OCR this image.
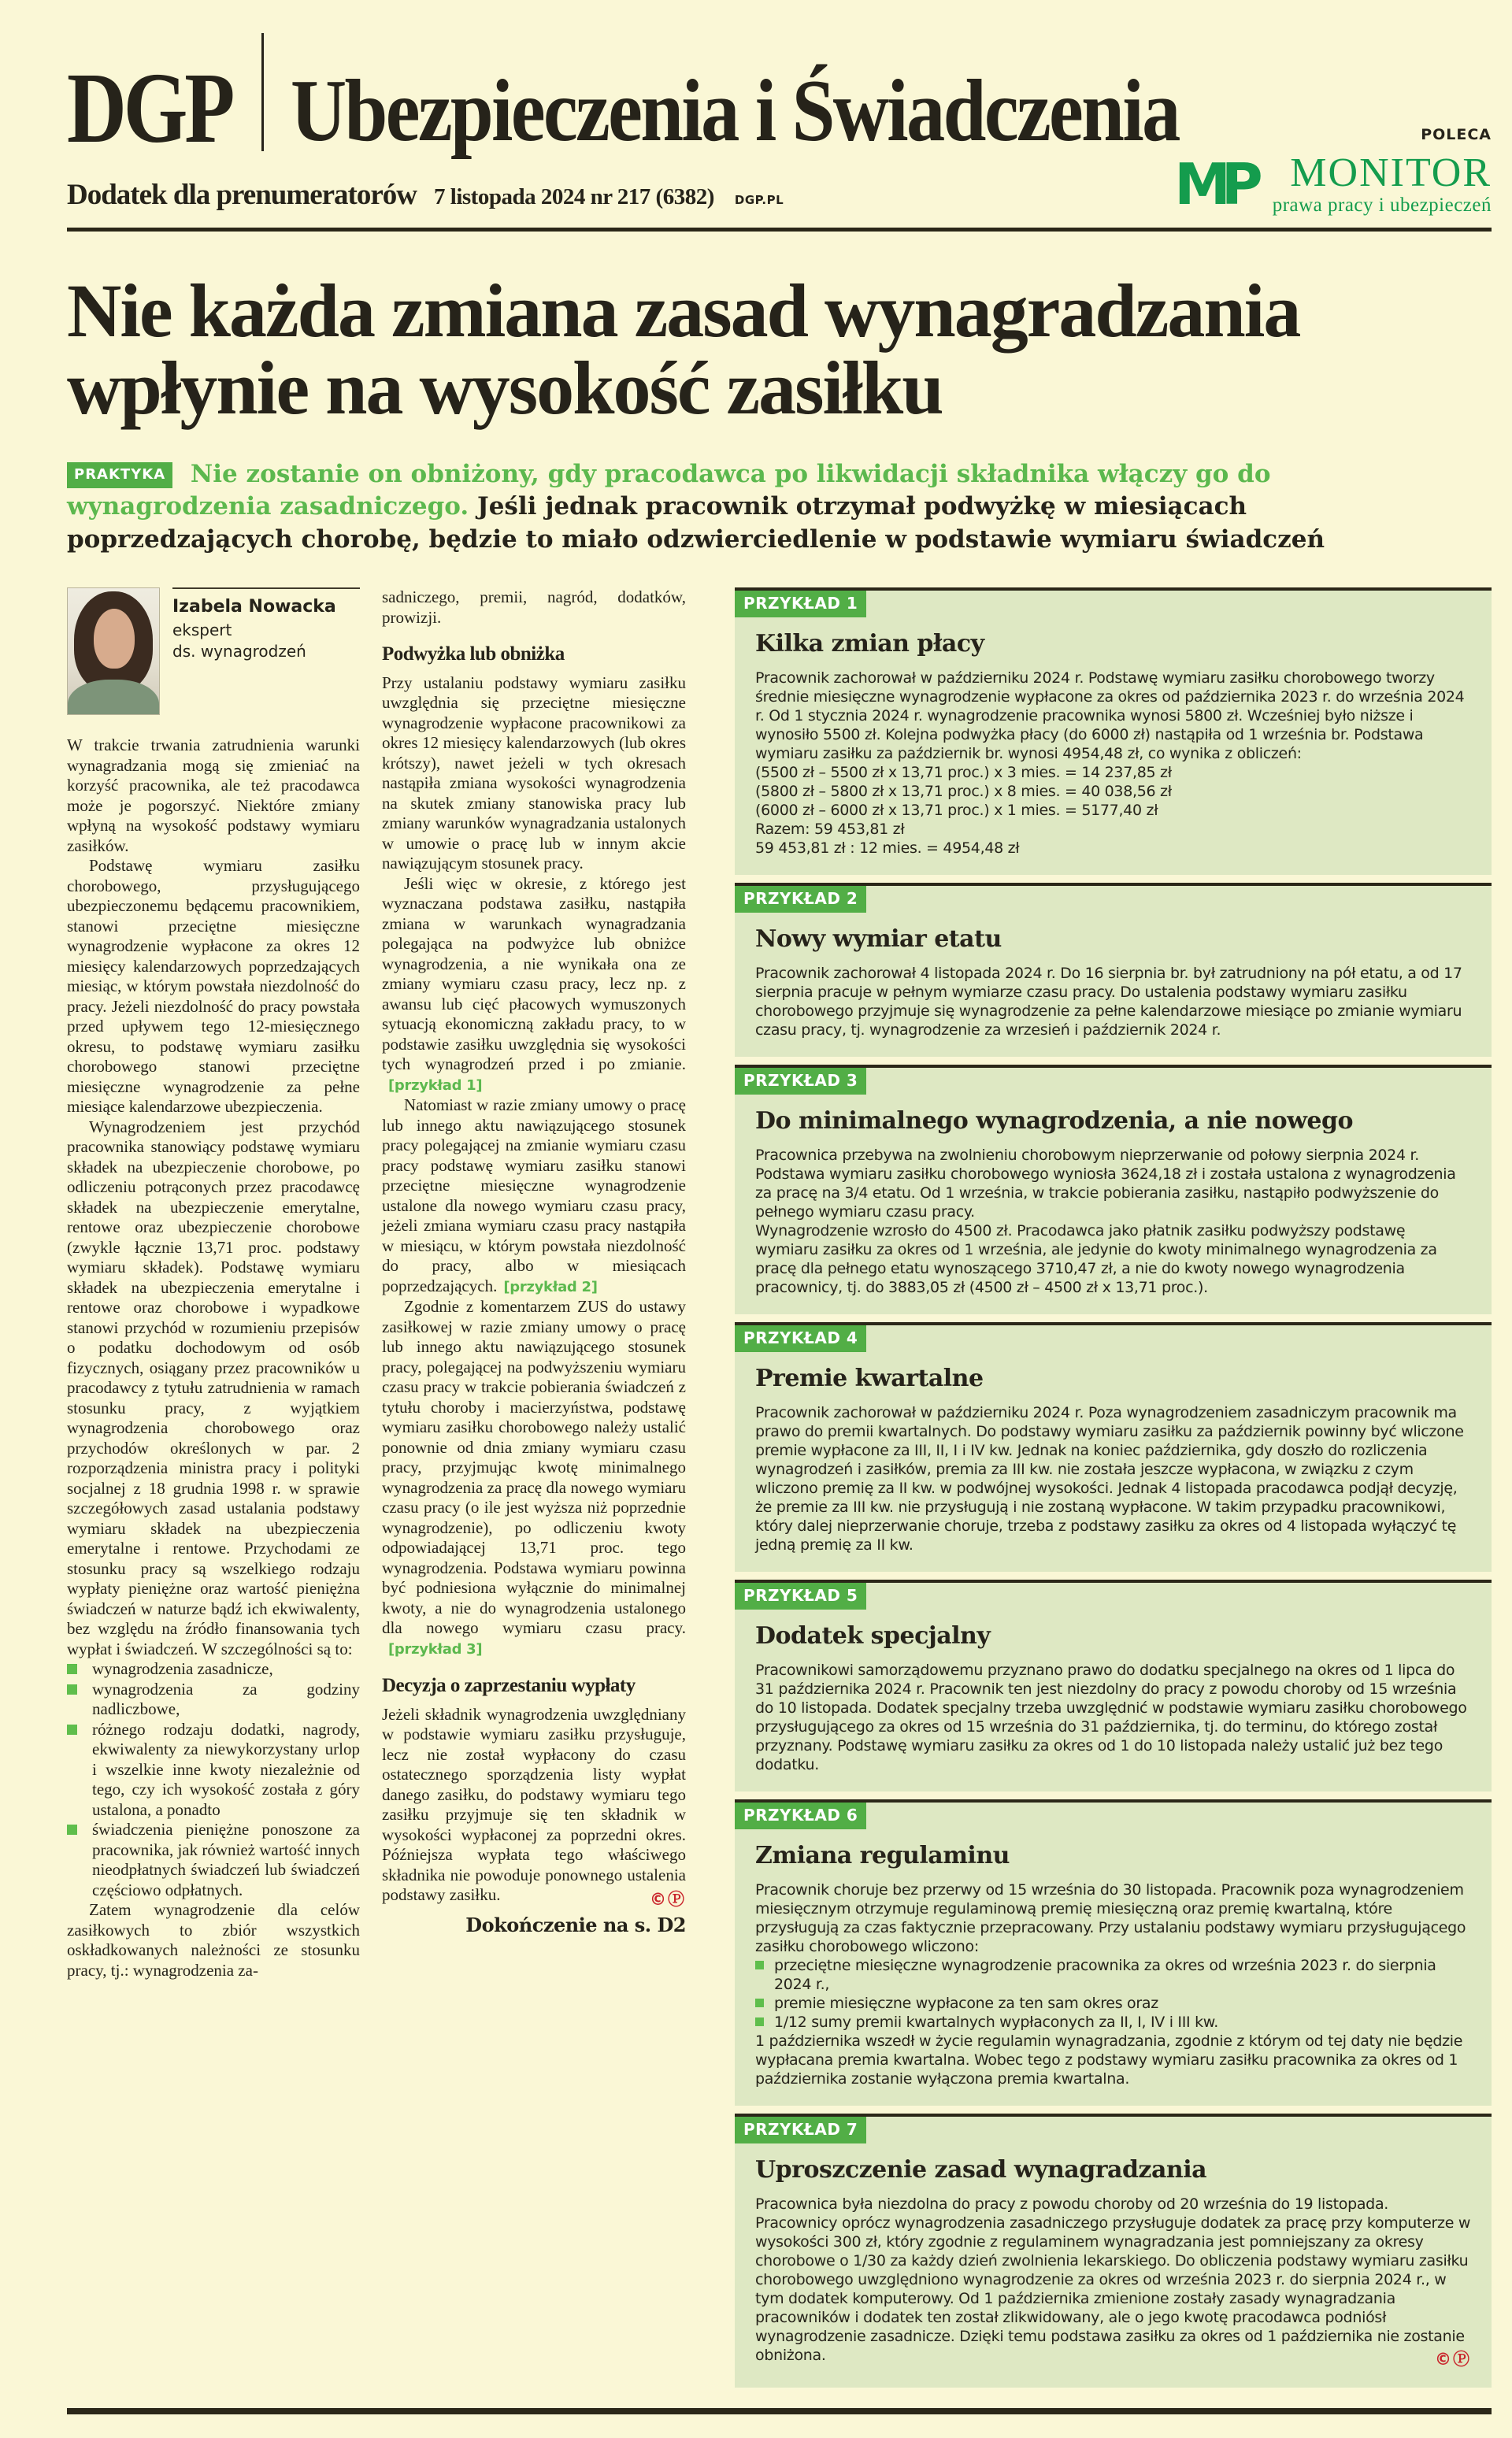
DGP Ubezpieczenia i Świadczenia	POLECA
MP MONITOR
prawa pracy i ubezpieczeń
Dodatek dla prenumeratorów 7 listopada 2024 nr 217 (6382) DGP.PL
Nie każda zmiana zasad wynagradzania
wpłynie na wysokość zasiłku

PRAKTYKA Nie zostanie on obniżony, gdy pracodawca po likwidacji składnika włączy go do wynagrodzenia zasadniczego. Jeśli jednak pracownik otrzymał podwyżkę w miesiącach poprzedzających chorobę, będzie to miało odzwierciedlenie w podstawie wymiaru świadczeń

Izabela Nowacka
ekspert
ds. wynagrodzeń

W trakcie trwania zatrudnienia warunki wynagradzania mogą się zmieniać na korzyść pracownika, ale też pracodawca może je pogorszyć. Niektóre zmiany wpłyną na wysokość podstawy wymiaru zasiłków.

Podstawę wymiaru zasiłku chorobowego, przysługującego ubezpieczonemu będącemu pracownikiem, stanowi przeciętne miesięczne wynagrodzenie wypłacone za okres 12 miesięcy kalendarzowych poprzedzających miesiąc, w którym powstała niezdolność do pracy. Jeżeli niezdolność do pracy powstała przed upływem tego 12-miesięcznego okresu, to podstawę wymiaru zasiłku chorobowego stanowi przeciętne miesięczne wynagrodzenie za pełne miesiące kalendarzowe ubezpieczenia.

Wynagrodzeniem jest przychód pracownika stanowiący podstawę wymiaru składek na ubezpieczenie chorobowe, po odliczeniu potrąconych przez pracodawcę składek na ubezpieczenie emerytalne, rentowe oraz ubezpieczenie chorobowe (zwykle łącznie 13,71 proc. podstawy wymiaru składek). Podstawę wymiaru składek na ubezpieczenia emerytalne i rentowe oraz chorobowe i wypadkowe stanowi przychód w rozumieniu przepisów o podatku dochodowym od osób fizycznych, osiągany przez pracowników u pracodawcy z tytułu zatrudnienia w ramach stosunku pracy, z wyjątkiem wynagrodzenia chorobowego oraz przychodów określonych w par. 2 rozporządzenia ministra pracy i polityki socjalnej z 18 grudnia 1998 r. w sprawie szczegółowych zasad ustalania podstawy wymiaru składek na ubezpieczenia emerytalne i rentowe. Przychodami ze stosunku pracy są wszelkiego rodzaju wypłaty pieniężne oraz wartość pieniężna świadczeń w naturze bądź ich ekwiwalenty, bez względu na źródło finansowania tych wypłat i świadczeń. W szczególności są to:

wynagrodzenia zasadnicze,
wynagrodzenia za godziny nadliczbowe,
różnego rodzaju dodatki, nagrody, ekwiwalenty za niewykorzystany urlop i wszelkie inne kwoty niezależnie od tego, czy ich wysokość została z góry ustalona, a ponadto
świadczenia pieniężne ponoszone za pracownika, jak również wartość innych nieodpłatnych świadczeń lub świadczeń częściowo odpłatnych.

Zatem wynagrodzenie dla celów zasiłkowych to zbiór wszystkich oskładkowanych należności ze stosunku pracy, tj.: wynagrodzenia za-

sadniczego, premii, nagród, dodatków, prowizji.

Podwyżka lub obniżka

Przy ustalaniu podstawy wymiaru zasiłku uwzględnia się przeciętne miesięczne wynagrodzenie wypłacone pracownikowi za okres 12 miesięcy kalendarzowych (lub okres krótszy), nawet jeżeli w tych okresach nastąpiła zmiana wysokości wynagrodzenia na skutek zmiany stanowiska pracy lub zmiany warunków wynagradzania ustalonych w umowie o pracę lub w innym akcie nawiązującym stosunek pracy.

Jeśli więc w okresie, z którego jest wyznaczana podstawa zasiłku, nastąpiła zmiana w warunkach wynagradzania polegająca na podwyżce lub obniżce wynagrodzenia, a nie wynikała ona ze zmiany wymiaru czasu pracy, lecz np. z awansu lub cięć płacowych wymuszonych sytuacją ekonomiczną zakładu pracy, to w podstawie zasiłku uwzględnia się wysokości tych wynagrodzeń przed i po zmianie.[przykład 1]

Natomiast w razie zmiany umowy o pracę lub innego aktu nawiązującego stosunek pracy polegającej na zmianie wymiaru czasu pracy podstawę wymiaru zasiłku stanowi przeciętne miesięczne wynagrodzenie ustalone dla nowego wymiaru czasu pracy, jeżeli zmiana wymiaru czasu pracy nastąpiła w miesiącu, w którym powstała niezdolność do pracy, albo w miesiącach poprzedzających. [przykład 2]

Zgodnie z komentarzem ZUS do ustawy zasiłkowej w razie zmiany umowy o pracę lub innego aktu nawiązującego stosunek pracy, polegającej na podwyższeniu wymiaru czasu pracy w trakcie pobierania świadczeń z tytułu choroby i macierzyństwa, podstawę wymiaru zasiłku chorobowego należy ustalić ponownie od dnia zmiany wymiaru czasu pracy, przyjmując kwotę minimalnego wynagrodzenia za pracę dla nowego wymiaru czasu pracy (o ile jest wyższa niż poprzednie wynagrodzenie), po odliczeniu kwoty odpowiadającej 13,71 proc. tego wynagrodzenia. Podstawa wymiaru powinna być podniesiona wyłącznie do minimalnej kwoty, a nie do wynagrodzenia ustalonego dla nowego wymiaru czasu pracy.[przykład 3]

Decyzja o zaprzestaniu wypłaty

Jeżeli składnik wynagrodzenia uwzględniany w podstawie wymiaru zasiłku przysługuje, lecz nie został wypłacony do czasu ostatecznego sporządzenia listy wypłat danego zasiłku, do podstawy wymiaru tego zasiłku przyjmuje się ten składnik w wysokości wypłaconej za poprzedni okres. Późniejsza wypłata tego właściwego składnika nie powoduje ponownego ustalenia podstawy zasiłku.	©Ⓟ
Dokończenie na s. D2
PRZYKŁAD 1
Kilka zmian płacy

Pracownik zachorował w październiku 2024 r. Podstawę wymiaru zasiłku chorobowego tworzy średnie miesięczne wynagrodzenie wypłacone za okres od października 2023 r. do września 2024 r. Od 1 stycznia 2024 r. wynagrodzenie pracownika wynosi 5800 zł. Wcześniej było niższe i wynosiło 5500 zł. Kolejna podwyżka płacy (do 6000 zł) nastąpiła od 1 września br. Podstawa wymiaru zasiłku za październik br. wynosi 4954,48 zł, co wynika z obliczeń:

(5500 zł – 5500 zł x 13,71 proc.) x 3 mies. = 14 237,85 zł

(5800 zł – 5800 zł x 13,71 proc.) x 8 mies. = 40 038,56 zł

(6000 zł – 6000 zł x 13,71 proc.) x 1 mies. = 5177,40 zł

Razem: 59 453,81 zł

59 453,81 zł : 12 mies. = 4954,48 zł

PRZYKŁAD 2
Nowy wymiar etatu

Pracownik zachorował 4 listopada 2024 r. Do 16 sierpnia br. był zatrudniony na pół etatu, a od 17 sierpnia pracuje w pełnym wymiarze czasu pracy. Do ustalenia podstawy wymiaru zasiłku chorobowego przyjmuje się wynagrodzenie za pełne kalendarzowe miesiące po zmianie wymiaru czasu pracy, tj. wynagrodzenie za wrzesień i październik 2024 r.

PRZYKŁAD 3
Do minimalnego wynagrodzenia, a nie nowego

Pracownica przebywa na zwolnieniu chorobowym nieprzerwanie od połowy sierpnia 2024 r. Podstawa wymiaru zasiłku chorobowego wyniosła 3624,18 zł i została ustalona z wynagrodzenia za pracę na 3/4 etatu. Od 1 września, w trakcie pobierania zasiłku, nastąpiło podwyższenie do pełnego wymiaru czasu pracy.

Wynagrodzenie wzrosło do 4500 zł. Pracodawca jako płatnik zasiłku podwyższy podstawę wymiaru zasiłku za okres od 1 września, ale jedynie do kwoty minimalnego wynagrodzenia za pracę dla pełnego etatu wynoszącego 3710,47 zł, a nie do kwoty nowego wynagrodzenia pracownicy, tj. do 3883,05 zł (4500 zł – 4500 zł x 13,71 proc.).

PRZYKŁAD 4
Premie kwartalne

Pracownik zachorował w październiku 2024 r. Poza wynagrodzeniem zasadniczym pracownik ma prawo do premii kwartalnych. Do podstawy wymiaru zasiłku za październik powinny być wliczone premie wypłacone za III, II, I i IV kw. Jednak na koniec października, gdy doszło do rozliczenia wynagrodzeń i zasiłków, premia za III kw. nie została jeszcze wypłacona, w związku z czym wliczono premię za II kw. w podwójnej wysokości. Jednak 4 listopada pracodawca podjął decyzję, że premie za III kw. nie przysługują i nie zostaną wypłacone. W takim przypadku pracownikowi, który dalej nieprzerwanie choruje, trzeba z podstawy zasiłku za okres od 4 listopada wyłączyć tę jedną premię za II kw.

PRZYKŁAD 5
Dodatek specjalny

Pracownikowi samorządowemu przyznano prawo do dodatku specjalnego na okres od 1 lipca do 31 października 2024 r. Pracownik ten jest niezdolny do pracy z powodu choroby od 15 września do 10 listopada. Dodatek specjalny trzeba uwzględnić w podstawie wymiaru zasiłku chorobowego przysługującego za okres od 15 września do 31 października, tj. do terminu, do którego został przyznany. Podstawę wymiaru zasiłku za okres od 1 do 10 listopada należy ustalić już bez tego dodatku.

PRZYKŁAD 6
Zmiana regulaminu

Pracownik choruje bez przerwy od 15 września do 30 listopada. Pracownik poza wynagrodzeniem miesięcznym otrzymuje regulaminową premię miesięczną oraz premię kwartalną, które przysługują za czas faktycznie przepracowany. Przy ustalaniu podstawy wymiaru przysługującego zasiłku chorobowego wliczono:

przeciętne miesięczne wynagrodzenie pracownika za okres od września 2023 r. do sierpnia 2024 r.,
premie miesięczne wypłacone za ten sam okres oraz
1/12 sumy premii kwartalnych wypłaconych za II, I, IV i III kw.

1 października wszedł w życie regulamin wynagradzania, zgodnie z którym od tej daty nie będzie wypłacana premia kwartalna. Wobec tego z podstawy wymiaru zasiłku pracownika za okres od 1 października zostanie wyłączona premia kwartalna.

PRZYKŁAD 7
Uproszczenie zasad wynagradzania

Pracownica była niezdolna do pracy z powodu choroby od 20 września do 19 listopada. Pracownicy oprócz wynagrodzenia zasadniczego przysługuje dodatek za pracę przy komputerze w wysokości 300 zł, który zgodnie z regulaminem wynagradzania jest pomniejszany za okresy chorobowe o 1/30 za każdy dzień zwolnienia lekarskiego. Do obliczenia podstawy wymiaru zasiłku chorobowego uwzględniono wynagrodzenie za okres od września 2023 r. do sierpnia 2024 r., w tym dodatek komputerowy. Od 1 października zmienione zostały zasady wynagradzania pracowników i dodatek ten został zlikwidowany, ale o jego kwotę pracodawca podniósł wynagrodzenie zasadnicze. Dzięki temu podstawa zasiłku za okres od 1 października nie zostanie obniżona.	©Ⓟ
